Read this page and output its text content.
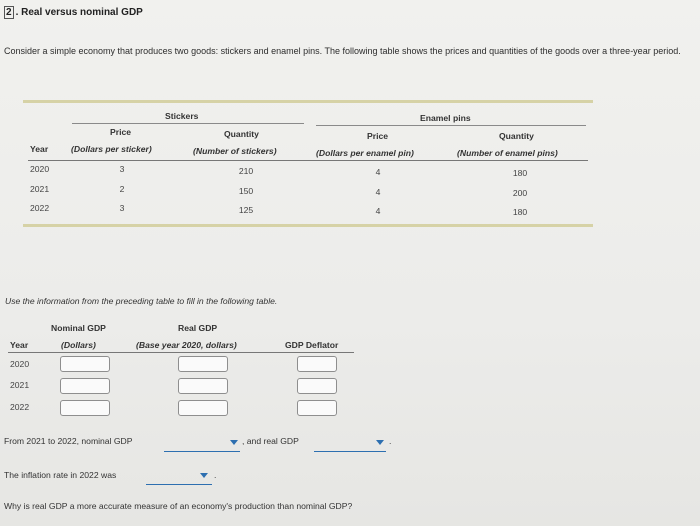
2 . Real versus nominal GDP
Consider a simple economy that produces two goods: stickers and enamel pins. The following table shows the prices and quantities of the goods over a three-year period.
Stickers	Enamel pins
Price	Quantity	Price	Quantity
Year	(Dollars per sticker)	(Number of stickers)	(Dollars per enamel pin)	(Number of enamel pins)
2020	3	210	4	180
2021	2	150	4	200
2022	3	125	4	180
Use the information from the preceding table to fill in the following table.
Nominal GDP	Real GDP
Year	(Dollars)	(Base year 2020, dollars)	GDP Deflator
2020
2021
2022
From 2021 to 2022, nominal GDP	, and real GDP	.
The inflation rate in 2022 was	.
Why is real GDP a more accurate measure of an economy's production than nominal GDP?
